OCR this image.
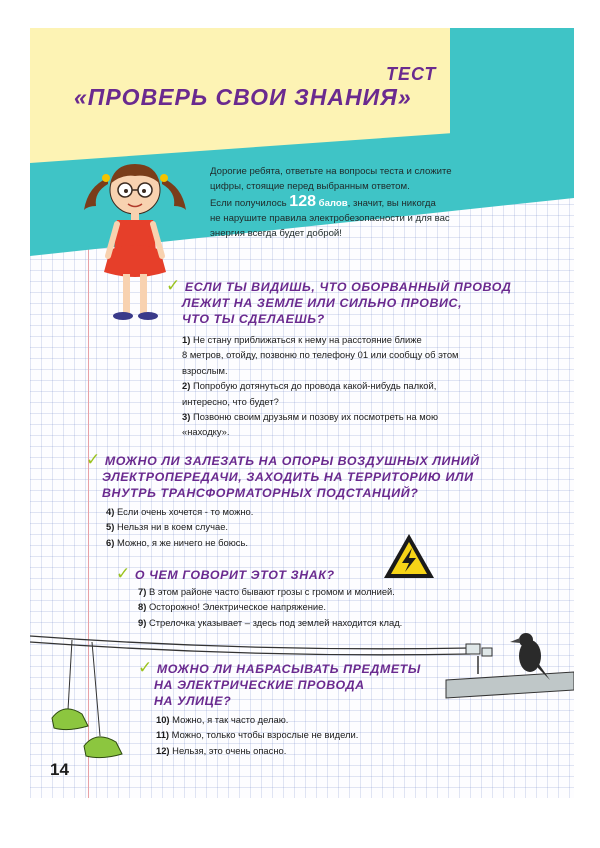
ТЕСТ
«ПРОВЕРЬ СВОИ ЗНАНИЯ»
Дорогие ребята, ответьте на вопросы теста и сложите
цифры, стоящие перед выбранным ответом.
Если получилось 128 балов, значит, вы никогда
не нарушите правила электробезопасности и для вас
энергия всегда будет доброй!
✓ ЕСЛИ ТЫ ВИДИШЬ, ЧТО ОБОРВАННЫЙ ПРОВОД
ЛЕЖИТ НА ЗЕМЛЕ ИЛИ СИЛЬНО ПРОВИС,
ЧТО ТЫ СДЕЛАЕШЬ?
1) Не стану приближаться к нему на расстояние ближе
8 метров, отойду, позвоню по телефону 01 или сообщу об этом
взрослым.
2) Попробую дотянуться до провода какой-нибудь палкой,
интересно, что будет?
3) Позвоню своим друзьям и позову их посмотреть на мою
«находку».
✓ МОЖНО ЛИ ЗАЛЕЗАТЬ НА ОПОРЫ ВОЗДУШНЫХ ЛИНИЙ
ЭЛЕКТРОПЕРЕДАЧИ, ЗАХОДИТЬ НА ТЕРРИТОРИЮ ИЛИ
ВНУТРЬ ТРАНСФОРМАТОРНЫХ ПОДСТАНЦИЙ?
4) Если очень хочется - то можно.
5) Нельзя ни в коем случае.
6) Можно, я же ничего не боюсь.
✓ О ЧЕМ ГОВОРИТ ЭТОТ ЗНАК?
7) В этом районе часто бывают грозы с громом и молнией.
8) Осторожно! Электрическое напряжение.
9) Стрелочка указывает – здесь под землей находится клад.
✓ МОЖНО ЛИ НАБРАСЫВАТЬ ПРЕДМЕТЫ
НА ЭЛЕКТРИЧЕСКИЕ ПРОВОДА
НА УЛИЦЕ?
10) Можно, я так часто делаю.
11) Можно, только чтобы взрослые не видели.
12) Нельзя, это очень опасно.
14
